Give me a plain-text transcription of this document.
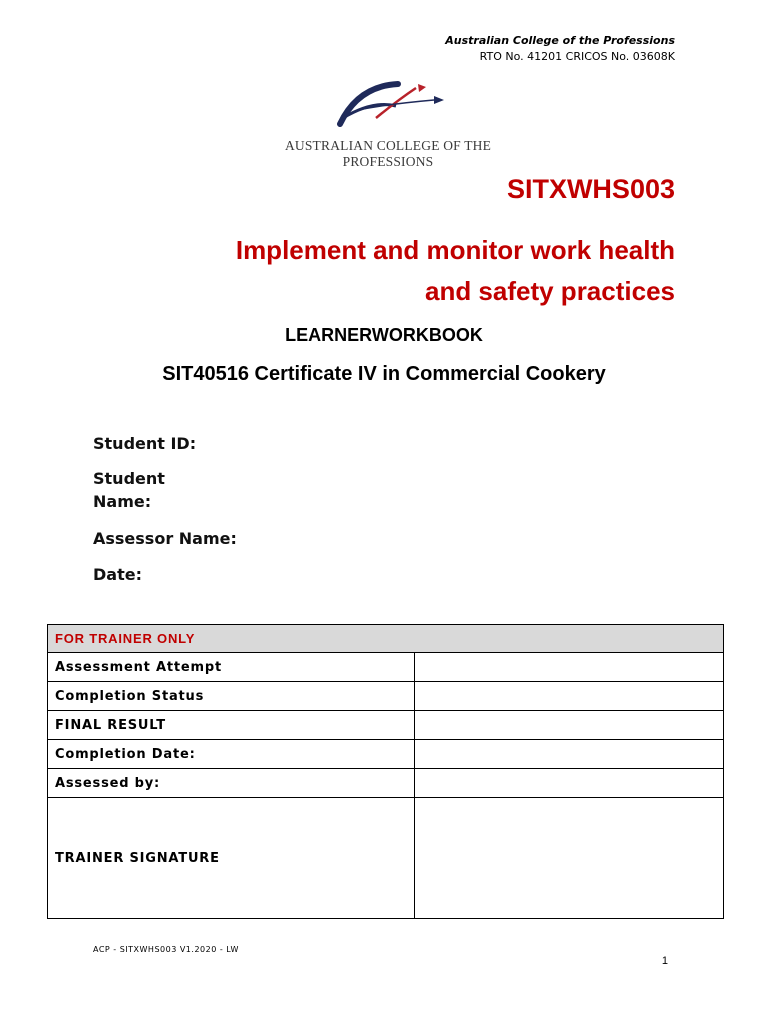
Australian College of the Professions
RTO No. 41201 CRICOS No. 03608K
AUSTRALIAN COLLEGE OF THE PROFESSIONS
SITXWHS003
Implement and monitor work health
and safety practices
LEARNERWORKBOOK
SIT40516 Certificate IV in Commercial Cookery
Student ID:
Student Name:
Assessor Name:
Date:
FOR TRAINER ONLY	
Assessment Attempt	
Completion Status	
FINAL RESULT	
Completion Date:	
Assessed by:	
TRAINER SIGNATURE	
ACP - SITXWHS003 V1.2020 - LW
1
